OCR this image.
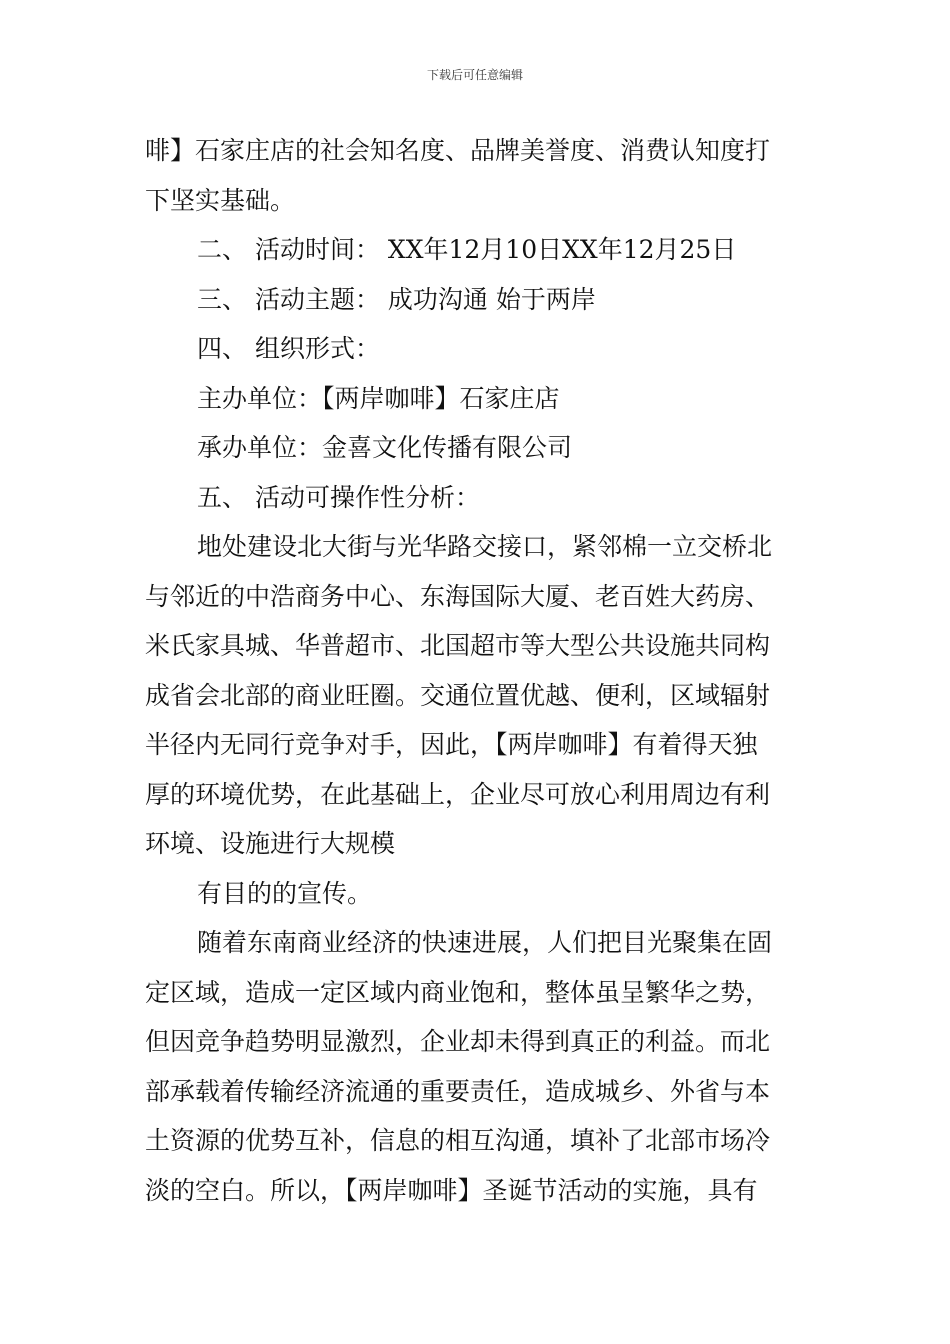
下载后可任意编辑
啡】石家庄店的社会知名度、品牌美誉度、消费认知度打
下坚实基础。
二、 活动时间： XX年12月10日XX年12月25日
三、 活动主题： 成功沟通 始于两岸
四、 组织形式：
主办单位：【两岸咖啡】石家庄店
承办单位：金喜文化传播有限公司
五、 活动可操作性分析：
地处建设北大街与光华路交接口，紧邻棉一立交桥北
与邻近的中浩商务中心、东海国际大厦、老百姓大药房、
米氏家具城、华普超市、北国超市等大型公共设施共同构
成省会北部的商业旺圈。交通位置优越、便利，区域辐射
半径内无同行竞争对手，因此，【两岸咖啡】有着得天独
厚的环境优势，在此基础上，企业尽可放心利用周边有利
环境、设施进行大规模
有目的的宣传。
随着东南商业经济的快速进展，人们把目光聚集在固
定区域，造成一定区域内商业饱和，整体虽呈繁华之势，
但因竞争趋势明显激烈，企业却未得到真正的利益。而北
部承载着传输经济流通的重要责任，造成城乡、外省与本
土资源的优势互补，信息的相互沟通，填补了北部市场冷
淡的空白。所以，【两岸咖啡】圣诞节活动的实施，具有
